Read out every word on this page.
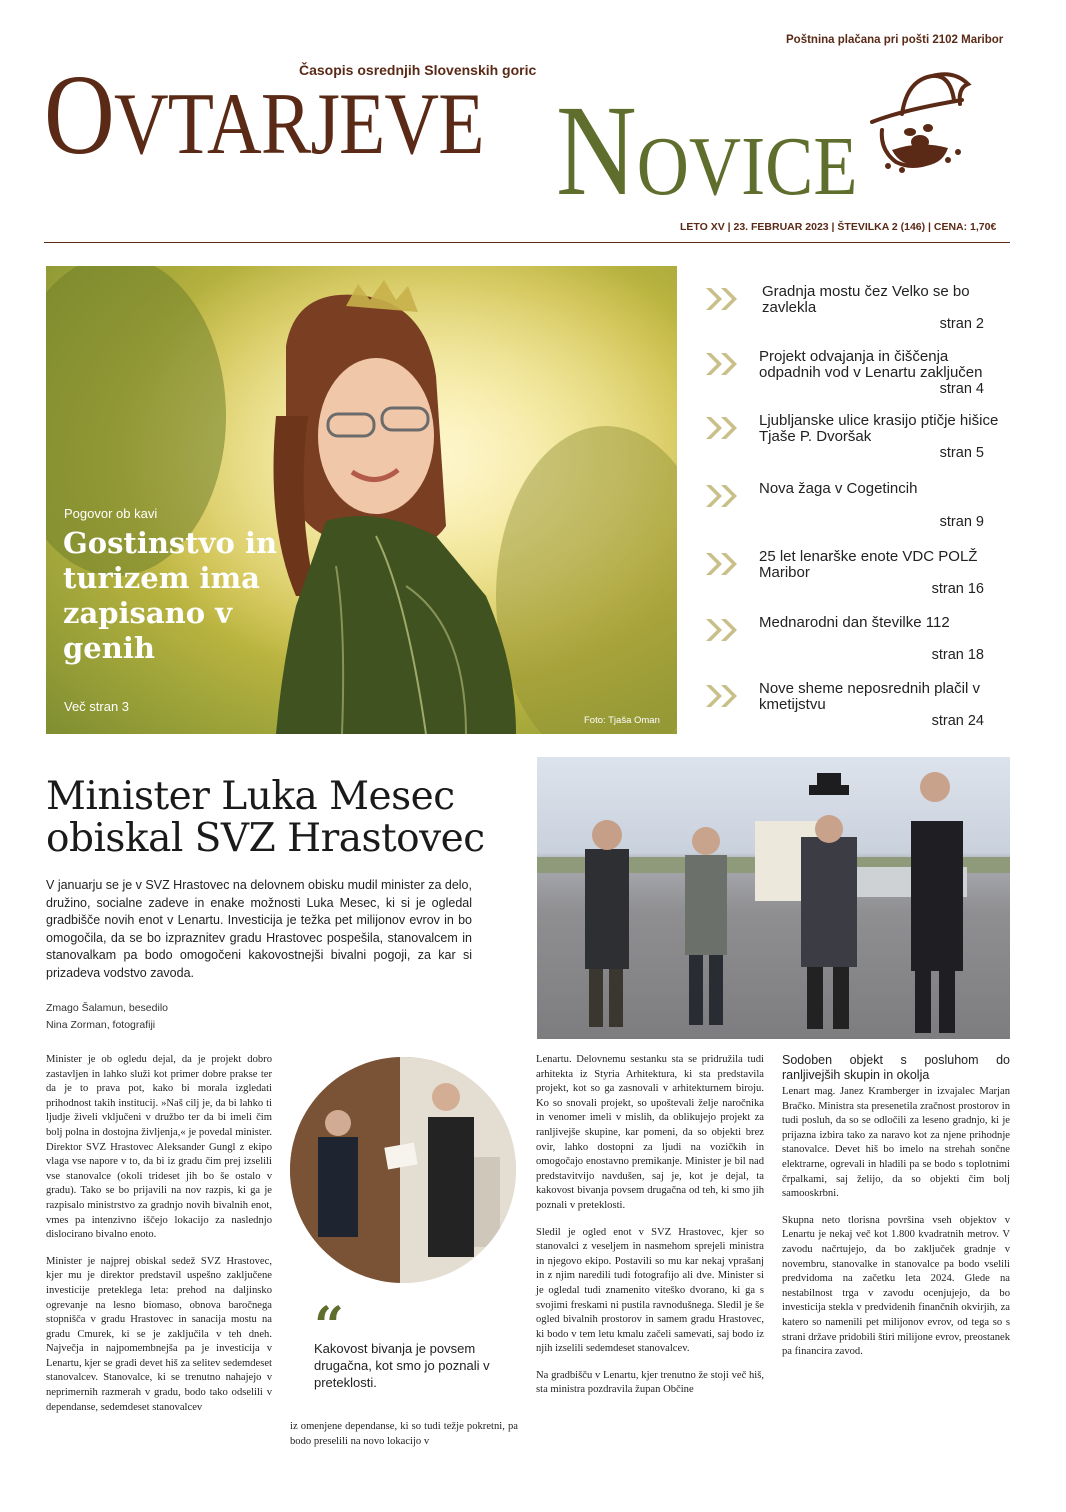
Poštnina plačana pri pošti 2102 Maribor
Časopis osrednjih Slovenskih goric
OVTARJEVE NOVICE
LETO XV | 23. FEBRUAR 2023 | ŠTEVILKA 2 (146) | CENA: 1,70€
Pogovor ob kavi
Gostinstvo in turizem ima zapisano v genih
Več stran 3
Foto: Tjaša Oman
Gradnja mostu čez Velko se bo zavlekla
stran 2
Projekt odvajanja in čiščenja odpadnih vod v Lenartu zaključen
stran 4
Ljubljanske ulice krasijo ptičje hišice Tjaše P. Dvoršak
stran 5
Nova žaga v Cogetincih
stran 9
25 let lenarške enote VDC POLŽ Maribor
stran 16
Mednarodni dan številke 112
stran 18
Nove sheme neposrednih plačil v kmetijstvu
stran 24
Minister Luka Mesec obiskal SVZ Hrastovec
V januarju se je v SVZ Hrastovec na delovnem obisku mudil minister za delo, družino, socialne zadeve in enake možnosti Luka Mesec, ki si je ogledal gradbišče novih enot v Lenartu. Investicija je težka pet milijonov evrov in bo omogočila, da se bo izpraznitev gradu Hrastovec pospešila, stanovalcem in stanovalkam pa bodo omogočeni kakovostnejši bivalni pogoji, za kar si prizadeva vodstvo zavoda.
Zmago Šalamun, besedilo
Nina Zorman, fotografiji

Minister je ob ogledu dejal, da je projekt dobro zastavljen in lahko služi kot primer dobre prakse ter da je to prava pot, kako bi morala izgledati prihodnost takih institucij. »Naš cilj je, da bi lahko ti ljudje živeli vključeni v družbo ter da bi imeli čim bolj polna in dostojna življenja,« je povedal minister. Direktor SVZ Hrastovec Aleksander Gungl z ekipo vlaga vse napore v to, da bi iz gradu čim prej izselili vse stanovalce (okoli trideset jih bo še ostalo v gradu). Tako se bo prijavili na nov razpis, ki ga je razpisalo ministrstvo za gradnjo novih bivalnih enot, vmes pa intenzivno iščejo lokacijo za naslednjo dislocirano bivalno enoto.

Minister je najprej obiskal sedež SVZ Hrastovec, kjer mu je direktor predstavil uspešno zaključene investicije preteklega leta: prehod na daljinsko ogrevanje na lesno biomaso, obnova baročnega stopnišča v gradu Hrastovec in sanacija mostu na gradu Cmurek, ki se je zaključila v teh dneh. Največja in najpomembnejša pa je investicija v Lenartu, kjer se gradi devet hiš za selitev sedemdeset stanovalcev. Stanovalce, ki se trenutno nahajejo v neprimernih razmerah v gradu, bodo tako odselili v dependanse, sedemdeset stanovalcev

“
Kakovost bivanja je povsem drugačna, kot smo jo poznali v preteklosti.

iz omenjene dependanse, ki so tudi težje pokretni, pa bodo preselili na novo lokacijo v

Lenartu. Delovnemu sestanku sta se pridružila tudi arhitekta iz Styria Arhitektura, ki sta predstavila projekt, kot so ga zasnovali v arhitekturnem biroju. Ko so snovali projekt, so upoštevali želje naročnika in venomer imeli v mislih, da oblikujejo projekt za ranljivejše skupine, kar pomeni, da so objekti brez ovir, lahko dostopni za ljudi na vozičkih in omogočajo enostavno premikanje. Minister je bil nad predstavitvijo navdušen, saj je, kot je dejal, ta kakovost bivanja povsem drugačna od teh, ki smo jih poznali v preteklosti.

Sledil je ogled enot v SVZ Hrastovec, kjer so stanovalci z veseljem in nasmehom sprejeli ministra in njegovo ekipo. Postavili so mu kar nekaj vprašanj in z njim naredili tudi fotografijo ali dve. Minister si je ogledal tudi znamenito viteško dvorano, ki ga s svojimi freskami ni pustila ravnodušnega. Sledil je še ogled bivalnih prostorov in samem gradu Hrastovec, ki bodo v tem letu kmalu začeli samevati, saj bodo iz njih izselili sedemdeset stanovalcev.

Na gradbišču v Lenartu, kjer trenutno že stoji več hiš, sta ministra pozdravila župan Občine

Sodoben objekt s posluhom do ranljivejših skupin in okolja

Lenart mag. Janez Kramberger in izvajalec Marjan Bračko. Ministra sta presenetila zračnost prostorov in tudi posluh, da so se odločili za leseno gradnjo, ki je prijazna izbira tako za naravo kot za njene prihodnje stanovalce. Devet hiš bo imelo na strehah sončne elektrarne, ogrevali in hladili pa se bodo s toplotnimi črpalkami, saj želijo, da so objekti čim bolj samooskrbni.

Skupna neto tlorisna površina vseh objektov v Lenartu je nekaj več kot 1.800 kvadratnih metrov. V zavodu načrtujejo, da bo zaključek gradnje v novembru, stanovalke in stanovalce pa bodo vselili predvidoma na začetku leta 2024. Glede na nestabilnost trga v zavodu ocenjujejo, da bo investicija stekla v predvidenih finančnih okvirjih, za katero so namenili pet milijonov evrov, od tega so s strani države pridobili štiri milijone evrov, preostanek pa financira zavod.
